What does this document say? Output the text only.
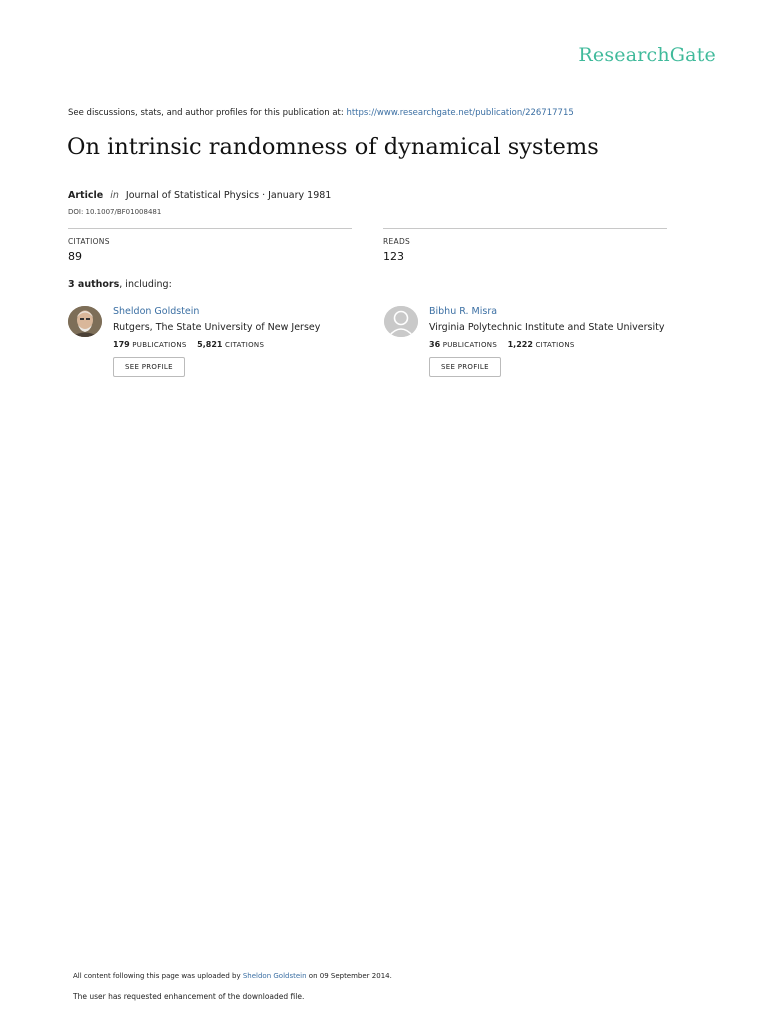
ResearchGate
See discussions, stats, and author profiles for this publication at: https://www.researchgate.net/publication/226717715
On intrinsic randomness of dynamical systems
Article in Journal of Statistical Physics · January 1981
DOI: 10.1007/BF01008481
CITATIONS
89
READS
123
3 authors, including:
Sheldon Goldstein
Rutgers, The State University of New Jersey
179 PUBLICATIONS 5,821 CITATIONS
SEE PROFILE
Bibhu R. Misra
Virginia Polytechnic Institute and State University
36 PUBLICATIONS 1,222 CITATIONS
SEE PROFILE
All content following this page was uploaded by Sheldon Goldstein on 09 September 2014.
The user has requested enhancement of the downloaded file.
